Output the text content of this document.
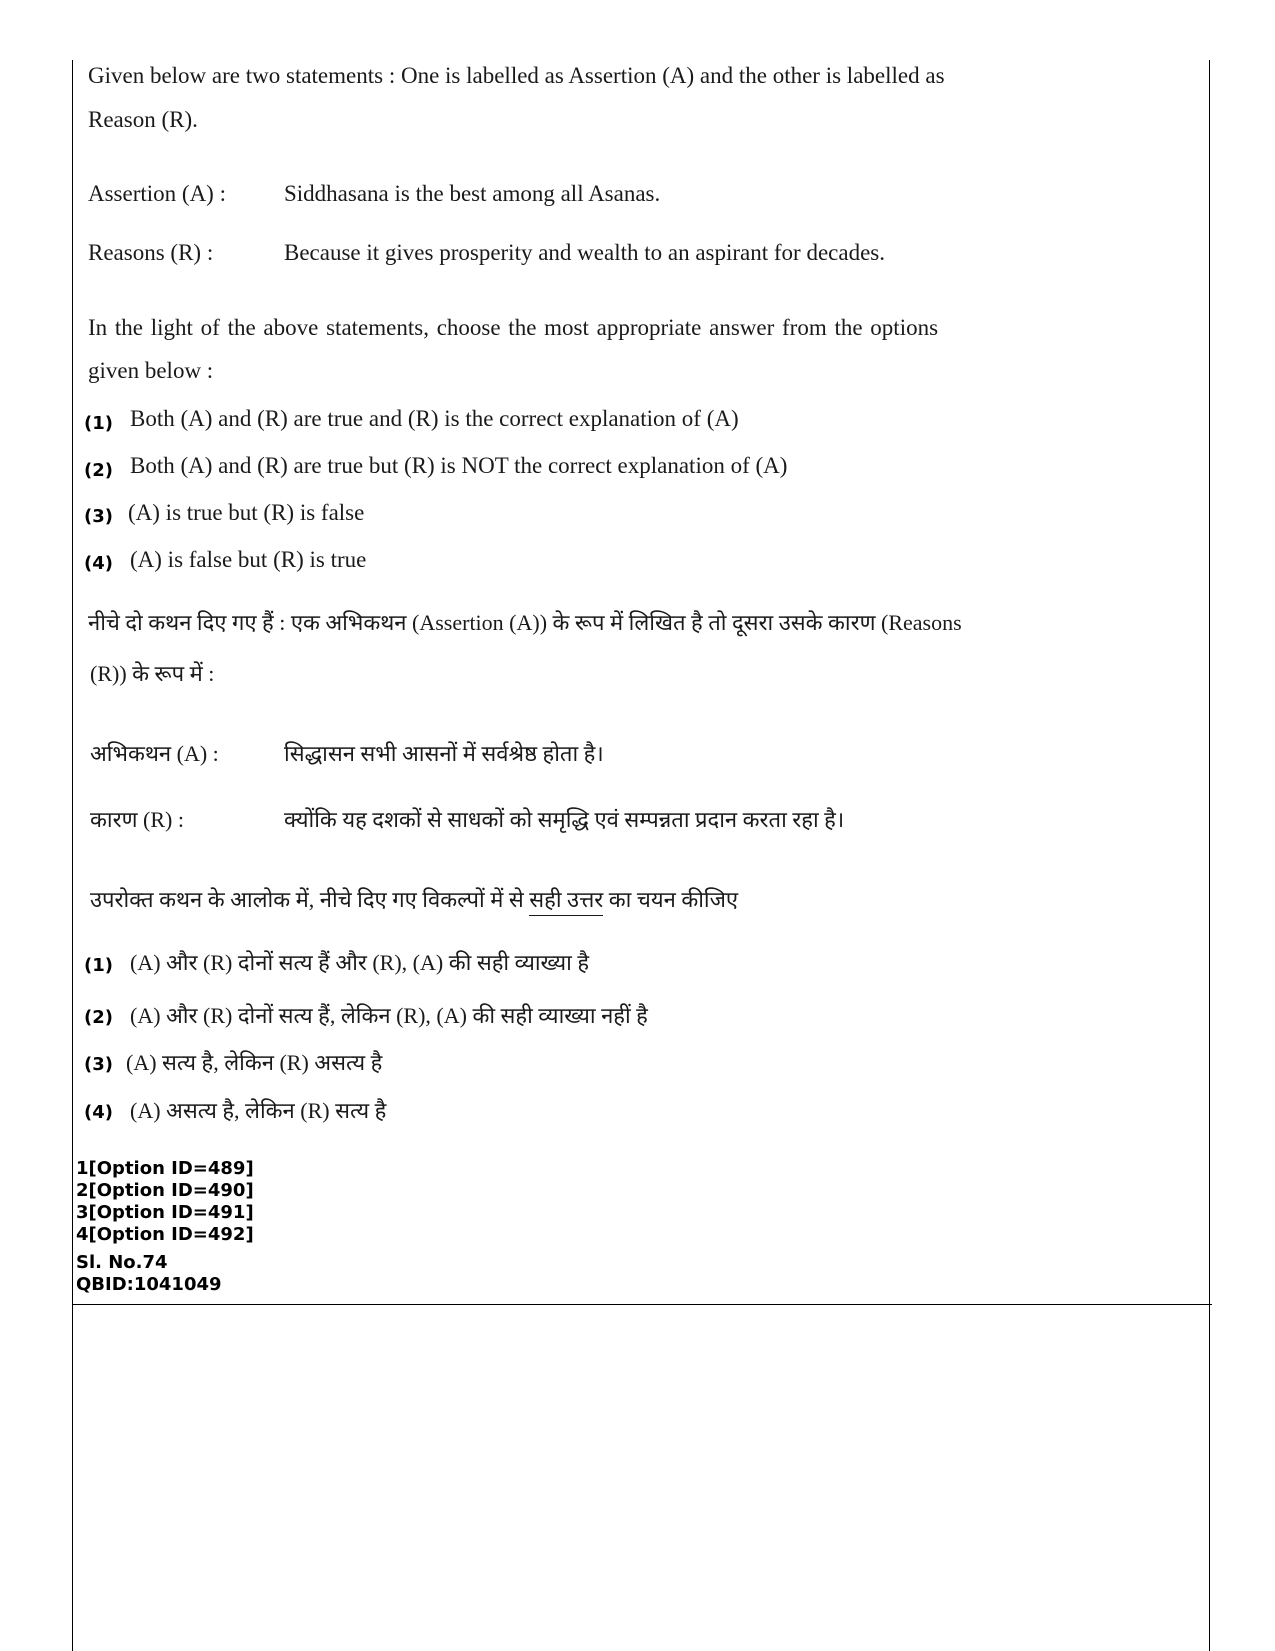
Given below are two statements : One is labelled as Assertion (A) and the other is labelled as
Reason (R).
Assertion (A) :	Siddhasana is the best among all Asanas.
Reasons (R) :	Because it gives prosperity and wealth to an aspirant for decades.
In the light of the above statements, choose the most appropriate answer from the options
given below :
(1) Both (A) and (R) are true and (R) is the correct explanation of (A)
(2) Both (A) and (R) are true but (R) is NOT the correct explanation of (A)
(3) (A) is true but (R) is false
(4) (A) is false but (R) is true
नीचे दो कथन दिए गए हैं : एक अभिकथन (Assertion (A)) के रूप में लिखित है तो दूसरा उसके कारण (Reasons
(R)) के रूप में :
अभिकथन (A) :	सिद्धासन सभी आसनों में सर्वश्रेष्ठ होता है।
कारण (R) :	क्योंकि यह दशकों से साधकों को समृद्धि एवं सम्पन्नता प्रदान करता रहा है।
उपरोक्त कथन के आलोक में, नीचे दिए गए विकल्पों में से सही उत्तर का चयन कीजिए
(1) (A) और (R) दोनों सत्य हैं और (R), (A) की सही व्याख्या है
(2) (A) और (R) दोनों सत्य हैं, लेकिन (R), (A) की सही व्याख्या नहीं है
(3) (A) सत्य है, लेकिन (R) असत्य है
(4) (A) असत्य है, लेकिन (R) सत्य है
1[Option ID=489]
2[Option ID=490]
3[Option ID=491]
4[Option ID=492]
Sl. No.74
QBID:1041049
